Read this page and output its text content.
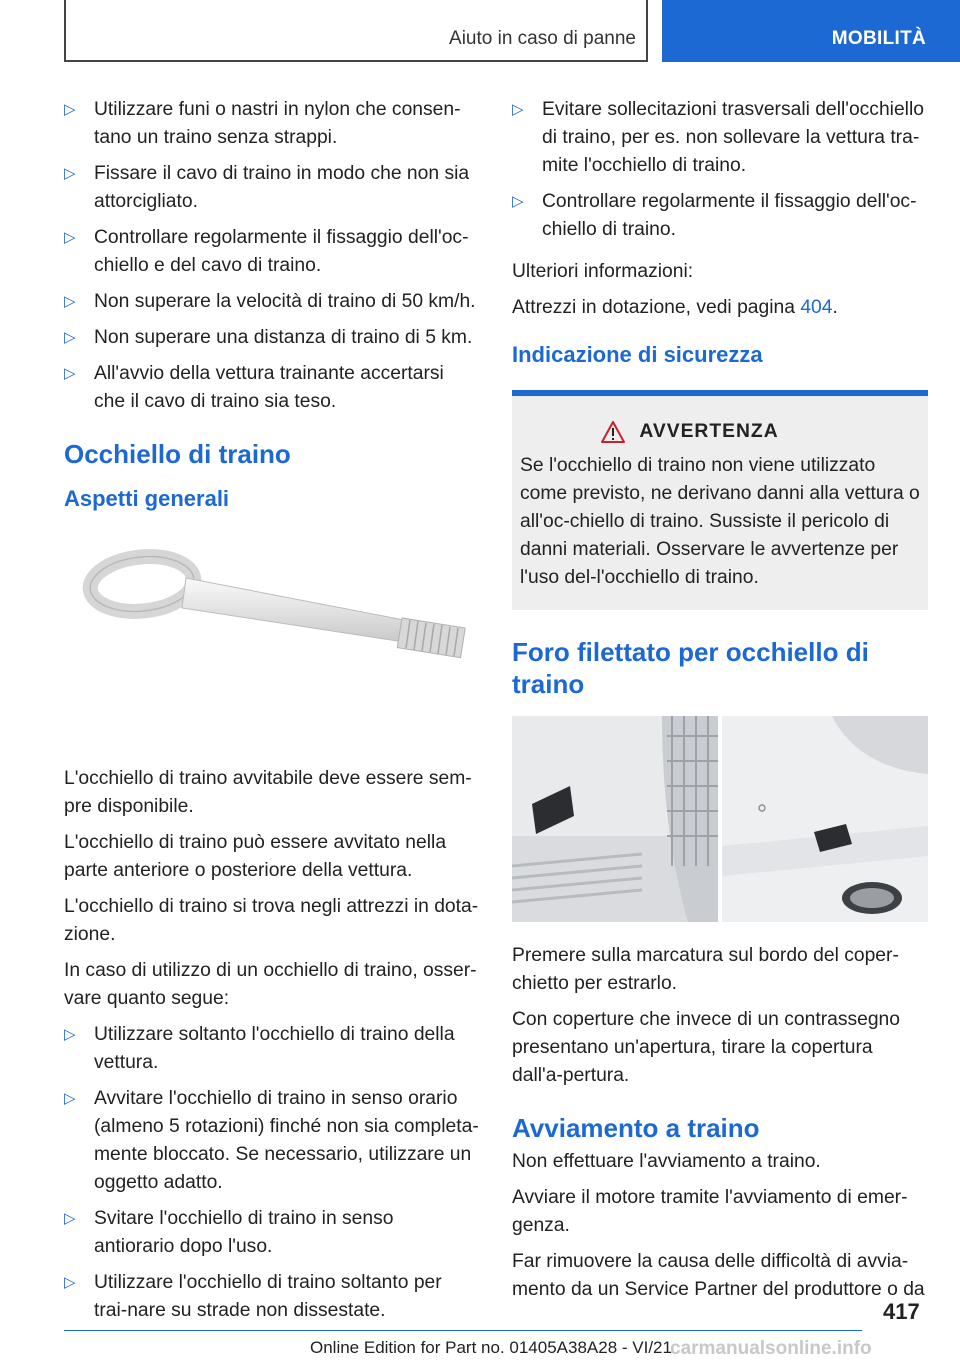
Aiuto in caso di panne	MOBILITÀ
▷ Utilizzare funi o nastri in nylon che consen‐tano un traino senza strappi.
▷ Fissare il cavo di traino in modo che non sia attorcigliato.
▷ Controllare regolarmente il fissaggio dell'oc‐chiello e del cavo di traino.
▷ Non superare la velocità di traino di 50 km/h.
▷ Non superare una distanza di traino di 5 km.
▷ All'avvio della vettura trainante accertarsi che il cavo di traino sia teso.
Occhiello di traino
Aspetti generali

L'occhiello di traino avvitabile deve essere sem‐pre disponibile.

L'occhiello di traino può essere avvitato nella parte anteriore o posteriore della vettura.

L'occhiello di traino si trova negli attrezzi in dota‐zione.

In caso di utilizzo di un occhiello di traino, osser‐vare quanto segue:

▷ Utilizzare soltanto l'occhiello di traino della vettura.
▷ Avvitare l'occhiello di traino in senso orario (almeno 5 rotazioni) finché non sia completa‐mente bloccato. Se necessario, utilizzare un oggetto adatto.
▷ Svitare l'occhiello di traino in senso antiorario dopo l'uso.
▷ Utilizzare l'occhiello di traino soltanto per trai‐nare su strade non dissestate.
▷ Evitare sollecitazioni trasversali dell'occhiello di traino, per es. non sollevare la vettura tra‐mite l'occhiello di traino.
▷ Controllare regolarmente il fissaggio dell'oc‐chiello di traino.

Ulteriori informazioni:

Attrezzi in dotazione, vedi pagina 404.

Indicazione di sicurezza
AVVERTENZA
Se l'occhiello di traino non viene utilizzato come previsto, ne derivano danni alla vettura o all'oc‐chiello di traino. Sussiste il pericolo di danni materiali. Osservare le avvertenze per l'uso del‐l'occhiello di traino.
Foro filettato per occhiello di traino

Premere sulla marcatura sul bordo del coper‐chietto per estrarlo.

Con coperture che invece di un contrassegno presentano un'apertura, tirare la copertura dall'a‐pertura.

Avviamento a traino

Non effettuare l'avviamento a traino.

Avviare il motore tramite l'avviamento di emer‐genza.

Far rimuovere la causa delle difficoltà di avvia‐mento da un Service Partner del produttore o da

417
Online Edition for Part no. 01405A38A28 - VI/21
carmanualsonline.info
